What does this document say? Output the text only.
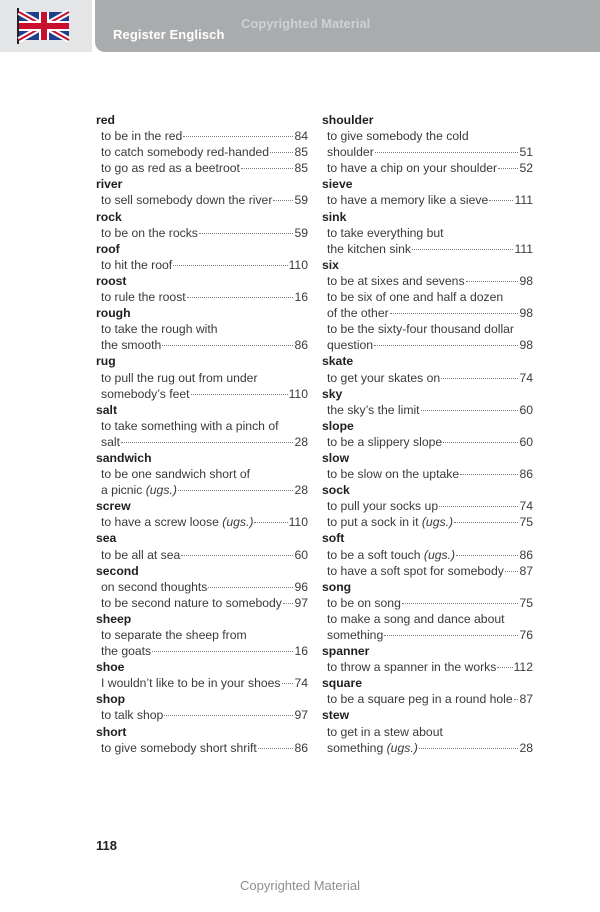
Register Englisch
Copyrighted Material
red
to be in the red	84
to catch somebody red-handed 85
to go as red as a beetroot	85
river
to sell somebody down the river 59
rock
to be on the rocks	59
roof
to hit the roof	110
roost
to rule the roost	16
rough
to take the rough with
the smooth	86
rug
to pull the rug out from under
somebody’s feet	110
salt
to take something with a pinch of
salt	28
sandwich
to be one sandwich short of
a picnic (ugs.)	28
screw
to have a screw loose (ugs.)	110
sea
to be all at sea	60
second
on second thoughts	96
to be second nature to somebody 97
sheep
to separate the sheep from
the goats	16
shoe
I wouldn’t like to be in your shoes 74
shop
to talk shop	97
short
to give somebody short shrift	86
shoulder
to give somebody the cold
shoulder	51
to have a chip on your shoulder 52
sieve
to have a memory like a sieve 111
sink
to take everything but
the kitchen sink	111
six
to be at sixes and sevens	98
to be six of one and half a dozen
of the other	98
to be the sixty-four thousand dollar
question	98
skate
to get your skates on	74
sky
the sky’s the limit	60
slope
to be a slippery slope	60
slow
to be slow on the uptake	86
sock
to pull your socks up	74
to put a sock in it (ugs.)	75
soft
to be a soft touch (ugs.)	86
to have a soft spot for somebody 87
song
to be on song	75
to make a song and dance about
something	76
spanner
to throw a spanner in the works 112
square
to be a square peg in a round hole 87
stew
to get in a stew about
something (ugs.)	28
118
Copyrighted Material
